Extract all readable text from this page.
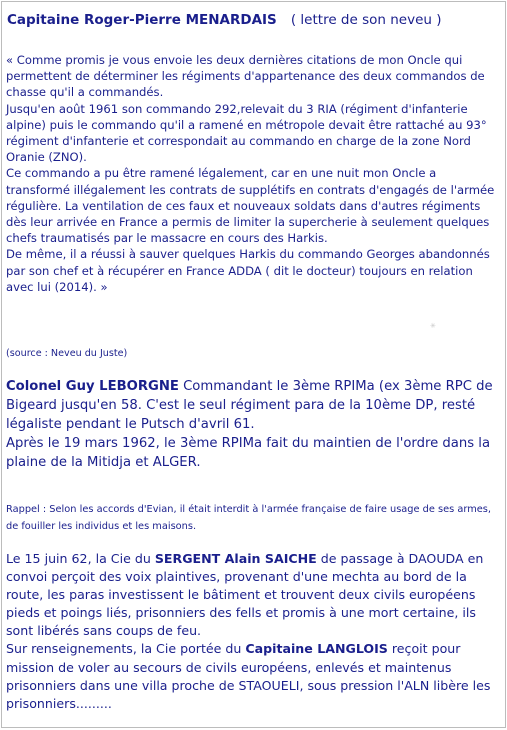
Capitaine Roger-Pierre MENARDAIS ( lettre de son neveu )

« Comme promis je vous envoie les deux dernières citations de mon Oncle qui permettent de déterminer les régiments d'appartenance des deux commandos de chasse qu'il a commandés.

Jusqu'en août 1961 son commando 292,relevait du 3 RIA (régiment d'infanterie alpine) puis le commando qu'il a ramené en métropole devait être rattaché au 93° régiment d'infanterie et correspondait au commando en charge de la zone Nord Oranie (ZNO).

Ce commando a pu être ramené légalement, car en une nuit mon Oncle a transformé illégalement les contrats de supplétifs en contrats d'engagés de l'armée régulière. La ventilation de ces faux et nouveaux soldats dans d'autres régiments dès leur arrivée en France a permis de limiter la supercherie à seulement quelques chefs traumatisés par le massacre en cours des Harkis.

De même, il a réussi à sauver quelques Harkis du commando Georges abandonnés par son chef et à récupérer en France ADDA ( dit le docteur) toujours en relation avec lui (2014). »

✳
(source : Neveu du Juste)

Colonel Guy LEBORGNE Commandant le 3ème RPIMa (ex 3ème RPC de Bigeard jusqu'en 58. C'est le seul régiment para de la 10ème DP, resté légaliste pendant le Putsch d'avril 61.

Après le 19 mars 1962, le 3ème RPIMa fait du maintien de l'ordre dans la plaine de la Mitidja et ALGER.

Rappel : Selon les accords d'Evian, il était interdit à l'armée française de faire usage de ses armes, de fouiller les individus et les maisons.

Le 15 juin 62, la Cie du SERGENT Alain SAICHE de passage à DAOUDA en convoi perçoit des voix plaintives, provenant d'une mechta au bord de la route, les paras investissent le bâtiment et trouvent deux civils européens pieds et poings liés, prisonniers des fells et promis à une mort certaine, ils sont libérés sans coups de feu.

Sur renseignements, la Cie portée du Capitaine LANGLOIS reçoit pour mission de voler au secours de civils européens, enlevés et maintenus prisonniers dans une villa proche de STAOUELI, sous pression l'ALN libère les prisonniers.........
